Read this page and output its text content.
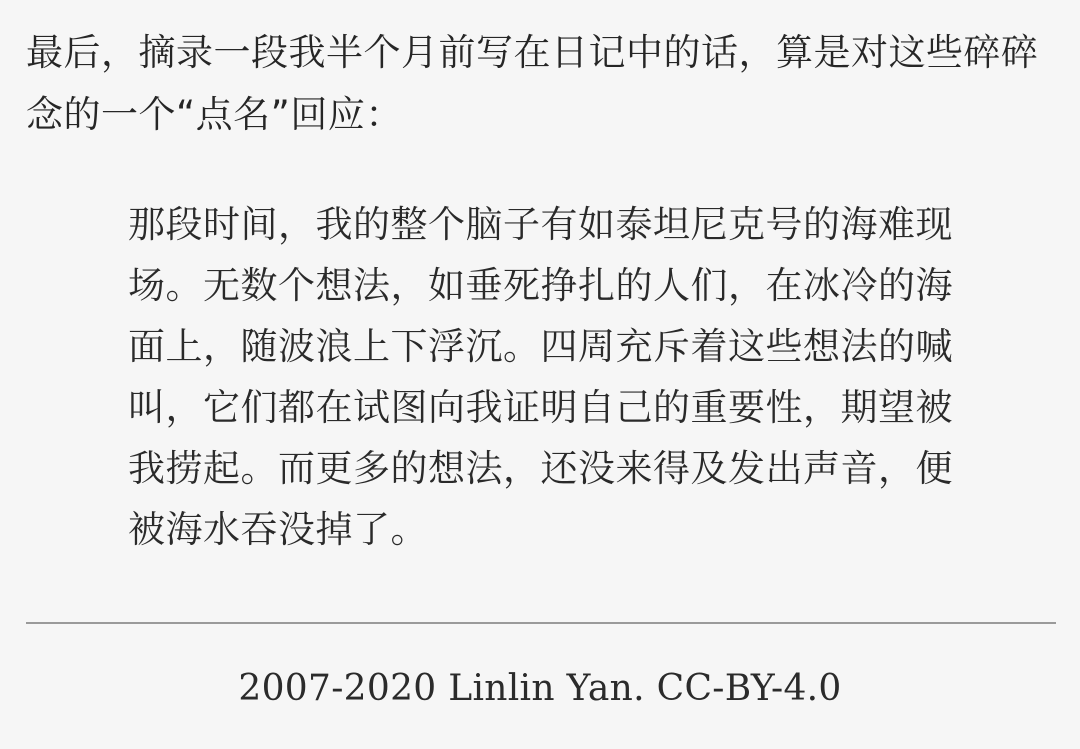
最后，摘录一段我半个月前写在日记中的话，算是对这些碎碎念的一个“点名”回应：

那段时间，我的整个脑子有如泰坦尼克号的海难现场。无数个想法，如垂死挣扎的人们，在冰冷的海面上，随波浪上下浮沉。四周充斥着这些想法的喊叫，它们都在试图向我证明自己的重要性，期望被我捞起。而更多的想法，还没来得及发出声音，便被海水吞没掉了。
2007-2020 Linlin Yan. CC-BY-4.0
